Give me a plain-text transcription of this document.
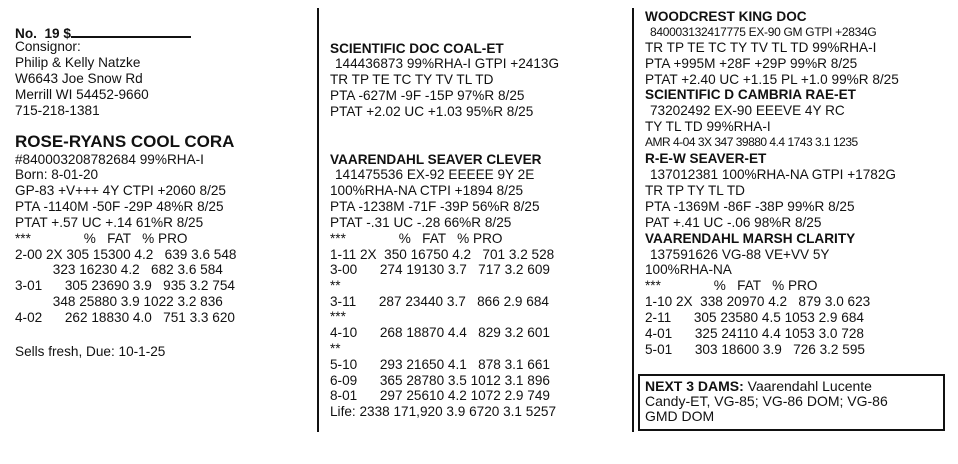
No.  19 $
Consignor:
Philip & Kelly Natzke
W6643 Joe Snow Rd
Merrill WI 54452-9660
715-218-1381
ROSE-RYANS COOL CORA
#840003208782684 99%RHA-I
Born: 8-01-20
GP-83 +V+++ 4Y CTPI +2060 8/25
PTA -1140M -50F -29P 48%R 8/25
PTAT +.57 UC +.14 61%R 8/25
***              %   FAT   % PRO
2-00 2X 305 15300 4.2   639 3.6 548
323 16230 4.2   682 3.6 584
3-01      305 23690 3.9   935 3.2 754
348 25880 3.9 1022 3.2 836
4-02      262 18830 4.0   751 3.3 620
Sells fresh, Due: 10-1-25
SCIENTIFIC DOC COAL-ET
144436873 99%RHA-I GTPI +2413G
TR TP TE TC TY TV TL TD
PTA -627M -9F -15P 97%R 8/25
PTAT +2.02 UC +1.03 95%R 8/25
VAARENDAHL SEAVER CLEVER
141475536 EX-92 EEEEE 9Y 2E
100%RHA-NA CTPI +1894 8/25
PTA -1238M -71F -39P 56%R 8/25
PTAT -.31 UC -.28 66%R 8/25
***              %   FAT   % PRO
1-11 2X  350 16750 4.2   701 3.2 528
3-00      274 19130 3.7   717 3.2 609
**
3-11      287 23440 3.7   866 2.9 684
***
4-10      268 18870 4.4   829 3.2 601
**
5-10      293 21650 4.1   878 3.1 661
6-09      365 28780 3.5 1012 3.1 896
8-01      297 25610 4.2 1072 2.9 749
Life: 2338 171,920 3.9 6720 3.1 5257
WOODCREST KING DOC
840003132417775 EX-90 GM GTPI +2834G
TR TP TE TC TY TV TL TD 99%RHA-I
PTA +995M +28F +29P 99%R 8/25
PTAT +2.40 UC +1.15 PL +1.0 99%R 8/25
SCIENTIFIC D CAMBRIA RAE-ET
73202492 EX-90 EEEVE 4Y RC
TY TL TD 99%RHA-I
AMR 4-04 3X 347 39880 4.4 1743 3.1 1235
R-E-W SEAVER-ET
137012381 100%RHA-NA GTPI +1782G
TR TP TY TL TD
PTA -1369M -86F -38P 99%R 8/25
PAT +.41 UC -.06 98%R 8/25
VAARENDAHL MARSH CLARITY
137591626 VG-88 VE+VV 5Y
100%RHA-NA
***              %   FAT   % PRO
1-10 2X  338 20970 4.2   879 3.0 623
2-11      305 23580 4.5 1053 2.9 684
4-01      325 24110 4.4 1053 3.0 728
5-01      303 18600 3.9   726 3.2 595
NEXT 3 DAMS: Vaarendahl Lucente
Candy-ET, VG-85; VG-86 DOM; VG-86
GMD DOM
